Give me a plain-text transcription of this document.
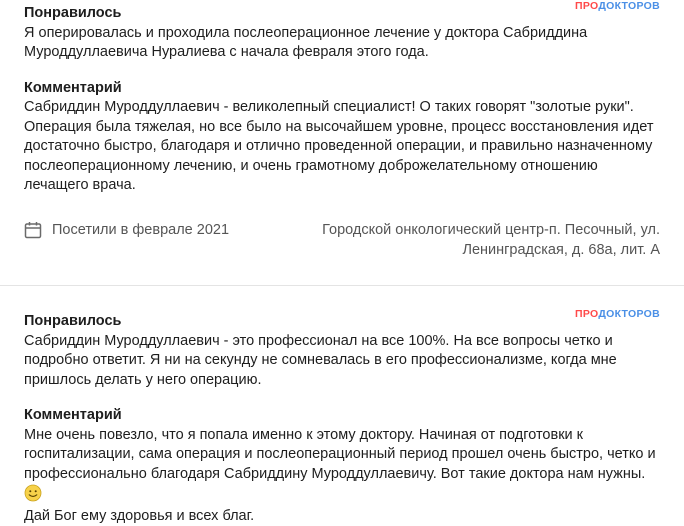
ПРОДОКТОРОВ

Понравилось

Я оперировалась и проходила послеоперационное лечение у доктора Сабриддина Муроддуллаевича Нуралиева с начала февраля этого года.

Комментарий

Сабриддин Муроддуллаевич - великолепный специалист! О таких говорят "золотые руки". Операция была тяжелая, но все было на высочайшем уровне, процесс восстановления идет достаточно быстро, благодаря и отлично проведенной операции, и правильно назначенному послеоперационному лечению, и очень грамотному доброжелательному отношению лечащего врача.

Посетили в феврале 2021	Городской онкологический центр-п. Песочный, ул. Ленинградская, д. 68а, лит. А
ПРОДОКТОРОВ

Понравилось

Сабриддин Муроддуллаевич - это профессионал на все 100%. На все вопросы четко и подробно ответит. Я ни на секунду не сомневалась в его профессионализме, когда мне пришлось делать у него операцию.

Комментарий

Мне очень повезло, что я попала именно к этому доктору. Начиная от подготовки к госпитализации, сама операция и послеоперационный период прошел очень быстро, четко и профессионально благодаря Сабриддину Муроддуллаевичу. Вот такие доктора нам нужны.
Дай Бог ему здоровья и всех благ.
